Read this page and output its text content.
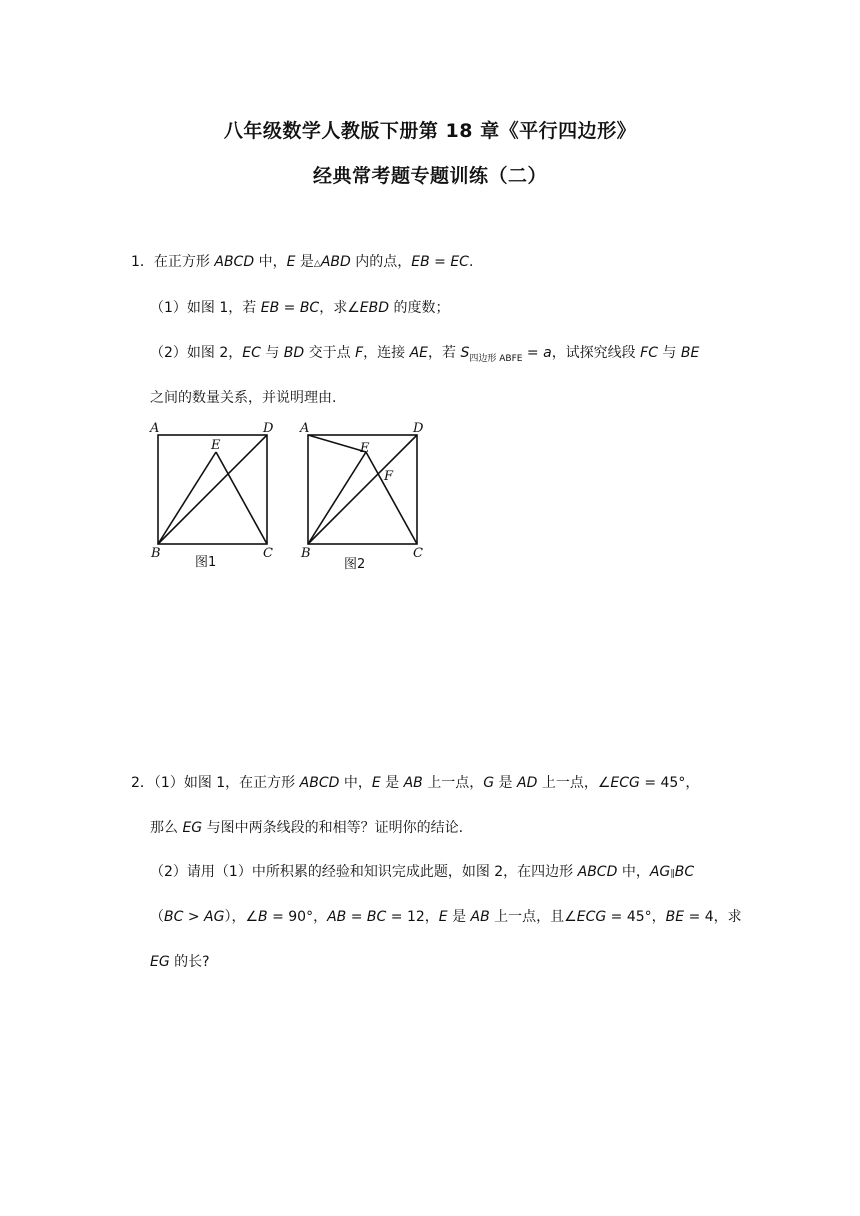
八年级数学人教版下册第 18 章《平行四边形》
经典常考题专题训练（二）
1．在正方形 ABCD 中，E 是△ABD 内的点，EB = EC.
（1）如图 1，若 EB = BC，求∠EBD 的度数；
（2）如图 2，EC 与 BD 交于点 F，连接 AE，若 $S_{四边形 ABFE} = a$，试探究线段 FC 与 BE
之间的数量关系，并说明理由.
A	D
E
B	C
图1
A	D
E
F
B	C
图2
2．（1）如图 1，在正方形 ABCD 中，E 是 AB 上一点，G 是 AD 上一点，∠ECG = 45°，
那么 EG 与图中两条线段的和相等？证明你的结论.
（2）请用（1）中所积累的经验和知识完成此题，如图 2，在四边形 ABCD 中，AG∥BC
（BC > AG），∠B = 90°，AB = BC = 12，E 是 AB 上一点，且∠ECG = 45°，BE = 4，求
EG 的长?
